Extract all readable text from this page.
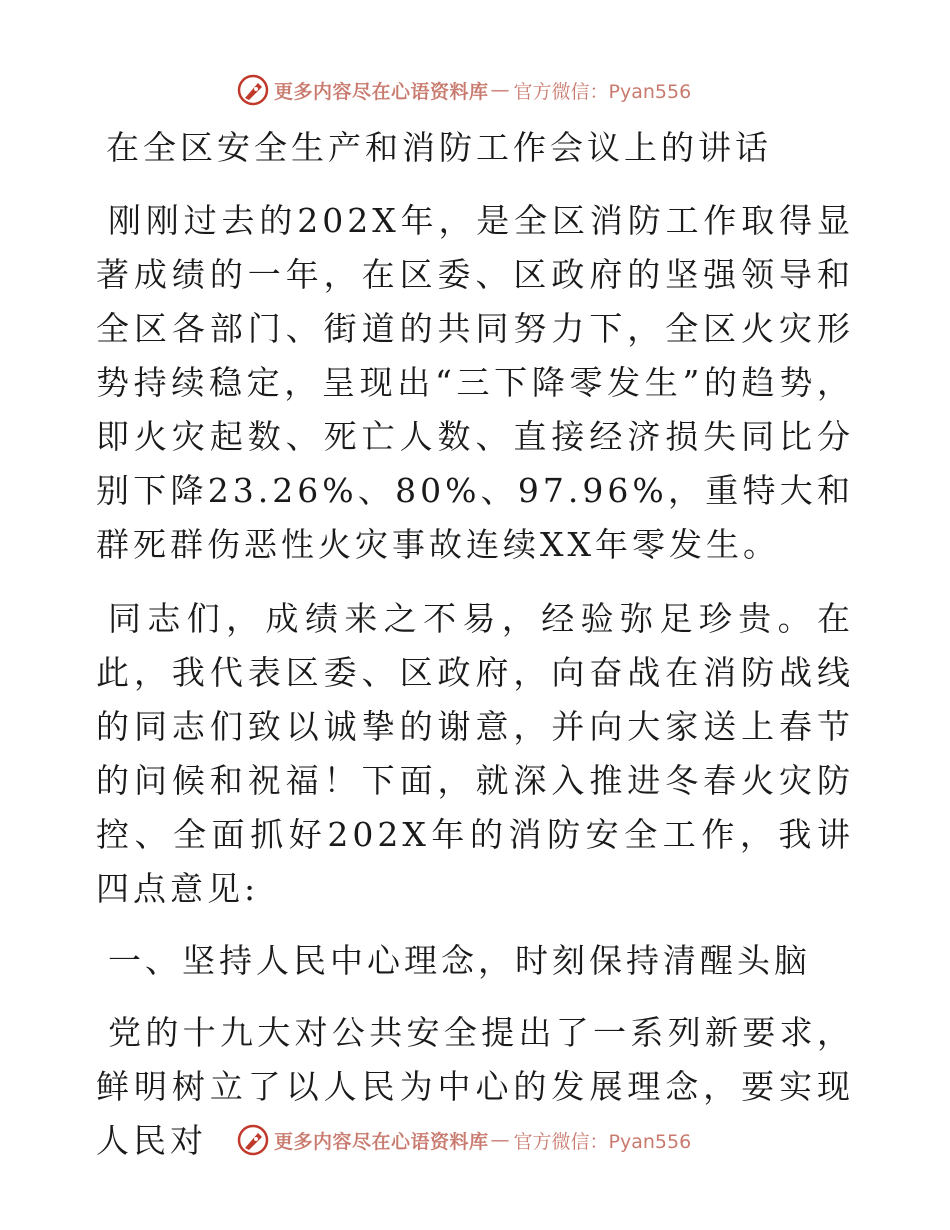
更多内容尽在心语资料库 — 官方微信：Pyan556
在全区安全生产和消防工作会议上的讲话

刚刚过去的202X年，是全区消防工作取得显著成绩的一年，在区委、区政府的坚强领导和全区各部门、街道的共同努力下，全区火灾形势持续稳定，呈现出“三下降零发生”的趋势，即火灾起数、死亡人数、直接经济损失同比分别下降23.26%、80%、97.96%，重特大和群死群伤恶性火灾事故连续XX年零发生。

同志们，成绩来之不易，经验弥足珍贵。在此，我代表区委、区政府，向奋战在消防战线的同志们致以诚挚的谢意，并向大家送上春节的问候和祝福！下面，就深入推进冬春火灾防控、全面抓好202X年的消防安全工作，我讲四点意见:

一、坚持人民中心理念，时刻保持清醒头脑

党的十九大对公共安全提出了一系列新要求，鲜明树立了以人民为中心的发展理念，要实现人民对	更多内容尽在心语资料库 — 官方微信：Pyan556
